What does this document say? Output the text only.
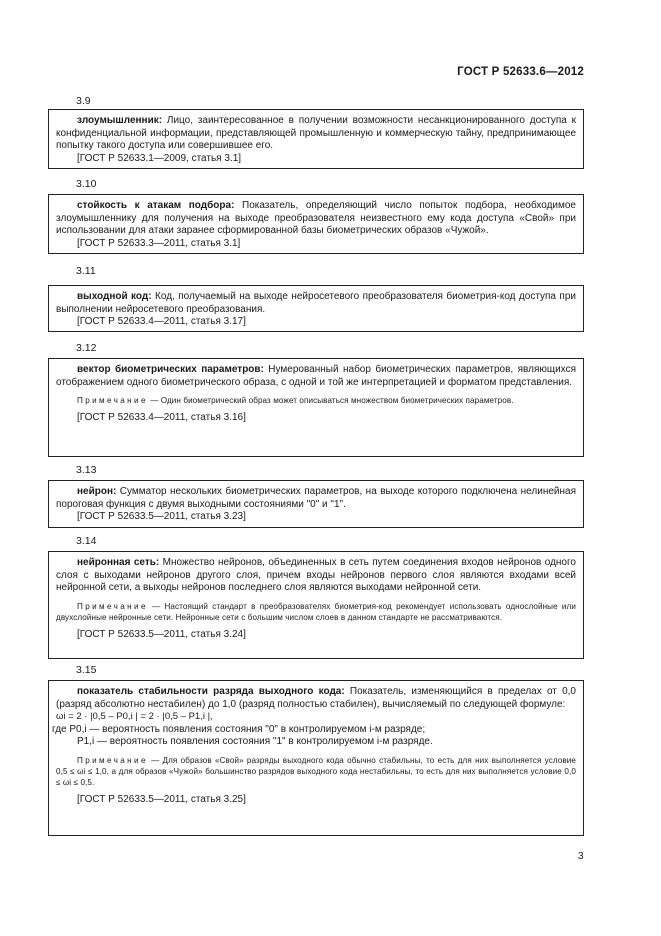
ГОСТ Р 52633.6—2012
3.9

злоумышленник: Лицо, заинтересованное в получении возможности несанкционированного доступа к конфиденциальной информации, представляющей промышленную и коммерческую тайну, предпринимающее попытку такого доступа или совершившее его.

[ГОСТ Р 52633.1—2009, статья 3.1]

3.10

стойкость к атакам подбора: Показатель, определяющий число попыток подбора, необходимое злоумышленнику для получения на выходе преобразователя неизвестного ему кода доступа «Свой» при использовании для атаки заранее сформированной базы биометрических образов «Чужой».

[ГОСТ Р 52633.3—2011, статья 3.1]

3.11

выходной код: Код, получаемый на выходе нейросетевого преобразователя биометрия-код доступа при выполнении нейросетевого преобразования.

[ГОСТ Р 52633.4—2011, статья 3.17]

3.12

вектор биометрических параметров: Нумерованный набор биометрических параметров, являющихся отображением одного биометрического образа, с одной и той же интерпретацией и форматом представления.

Примечание — Один биометрический образ может описываться множеством биометрических параметров.

[ГОСТ Р 52633.4—2011, статья 3.16]

3.13

нейрон: Сумматор нескольких биометрических параметров, на выходе которого подключена нелинейная пороговая функция с двумя выходными состояниями "0" и "1".

[ГОСТ Р 52633.5—2011, статья 3.23]

3.14

нейронная сеть: Множество нейронов, объединенных в сеть путем соединения входов нейронов одного слоя с выходами нейронов другого слоя, причем входы нейронов первого слоя являются входами всей нейронной сети, а выходы нейронов последнего слоя являются выходами нейронной сети.

Примечание — Настоящий стандарт в преобразователях биометрия-код рекомендует использовать однослойные или двухслойные нейронные сети. Нейронные сети с большим числом слоев в данном стандарте не рассматриваются.

[ГОСТ Р 52633.5—2011, статья 3.24]

3.15

показатель стабильности разряда выходного кода: Показатель, изменяющийся в пределах от 0,0 (разряд абсолютно нестабилен) до 1,0 (разряд полностью стабилен), вычисляемый по следующей формуле:

ωi = 2 · |0,5 – P0,i | = 2 · |0,5 – P1,i |,

где P0,i — вероятность появления состояния "0" в контролируемом i-м разряде;

P1,i — вероятность появления состояния "1" в контролируемом i-м разряде.

Примечание — Для образов «Свой» разряды выходного кода обычно стабильны, то есть для них выполняется условие 0,5 ≤ ωi ≤ 1,0, а для образов «Чужой» большинство разрядов выходного кода нестабильны, то есть для них выполняется условие 0,0 ≤ ωi ≤ 0,5.

[ГОСТ Р 52633.5—2011, статья 3.25]

3
